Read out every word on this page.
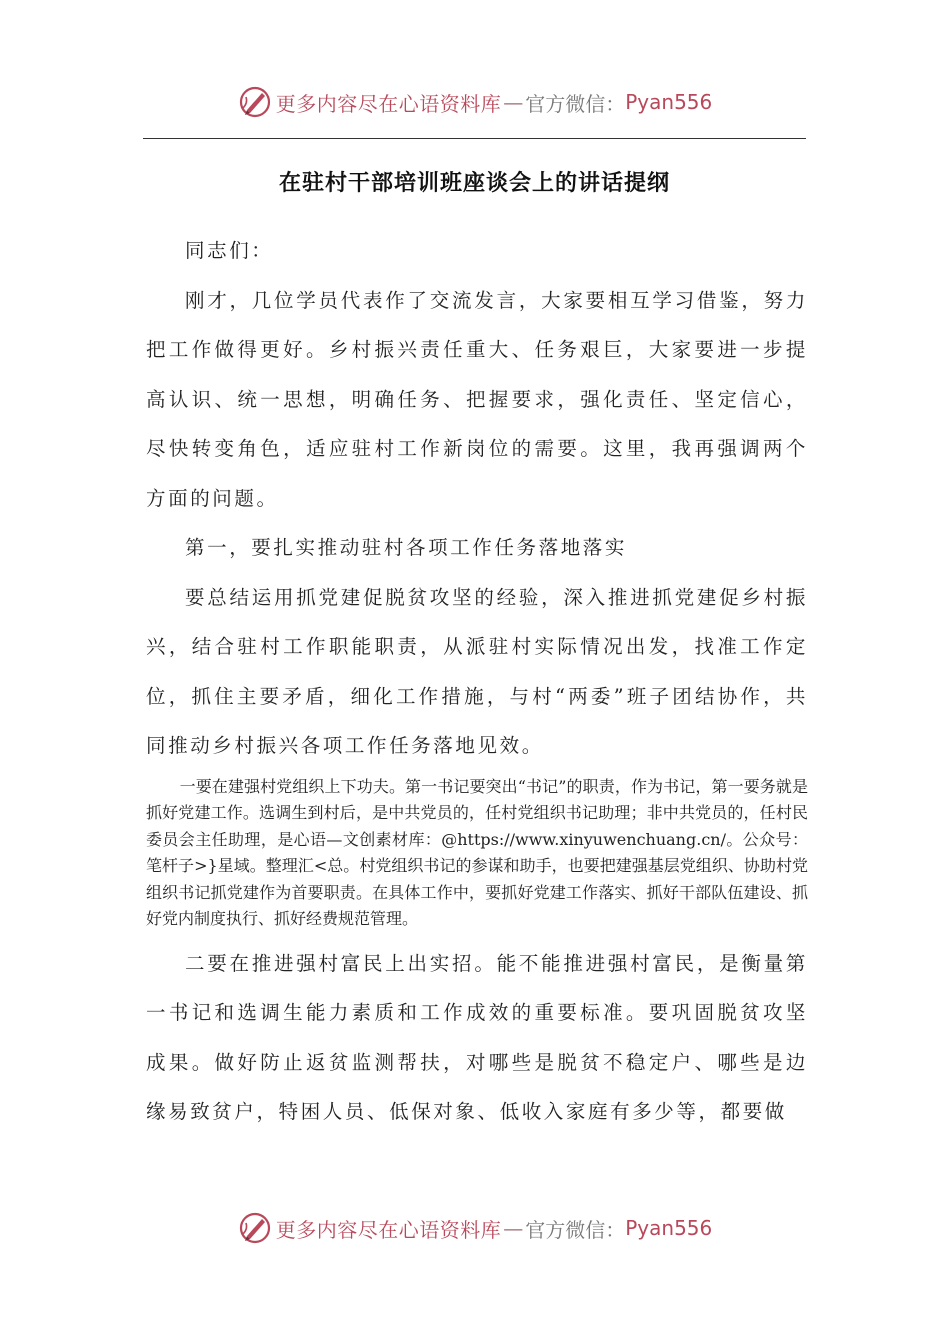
更多内容尽在心语资料库 — 官方微信： Pyan556
在驻村干部培训班座谈会上的讲话提纲

同志们：

刚才，几位学员代表作了交流发言，大家要相互学习借鉴，努力把工作做得更好。乡村振兴责任重大、任务艰巨，大家要进一步提高认识、统一思想，明确任务、把握要求，强化责任、坚定信心，尽快转变角色，适应驻村工作新岗位的需要。这里，我再强调两个方面的问题。

第一，要扎实推动驻村各项工作任务落地落实

要总结运用抓党建促脱贫攻坚的经验，深入推进抓党建促乡村振兴，结合驻村工作职能职责，从派驻村实际情况出发，找准工作定位，抓住主要矛盾，细化工作措施，与村“两委”班子团结协作，共同推动乡村振兴各项工作任务落地见效。

一要在建强村党组织上下功夫。第一书记要突出“书记”的职责，作为书记，第一要务就是抓好党建工作。选调生到村后，是中共党员的，任村党组织书记助理；非中共党员的，任村民委员会主任助理，是心语—文创素材库：@https://www.xinyuwenchuang.cn/。公众号：笔杆子>}星域。整理汇<总。村党组织书记的参谋和助手，也要把建强基层党组织、协助村党组织书记抓党建作为首要职责。在具体工作中，要抓好党建工作落实、抓好干部队伍建设、抓好党内制度执行、抓好经费规范管理。

二要在推进强村富民上出实招。能不能推进强村富民，是衡量第一书记和选调生能力素质和工作成效的重要标准。要巩固脱贫攻坚成果。做好防止返贫监测帮扶，对哪些是脱贫不稳定户、哪些是边缘易致贫户，特困人员、低保对象、低收入家庭有多少等，都要做

更多内容尽在心语资料库 — 官方微信： Pyan556
